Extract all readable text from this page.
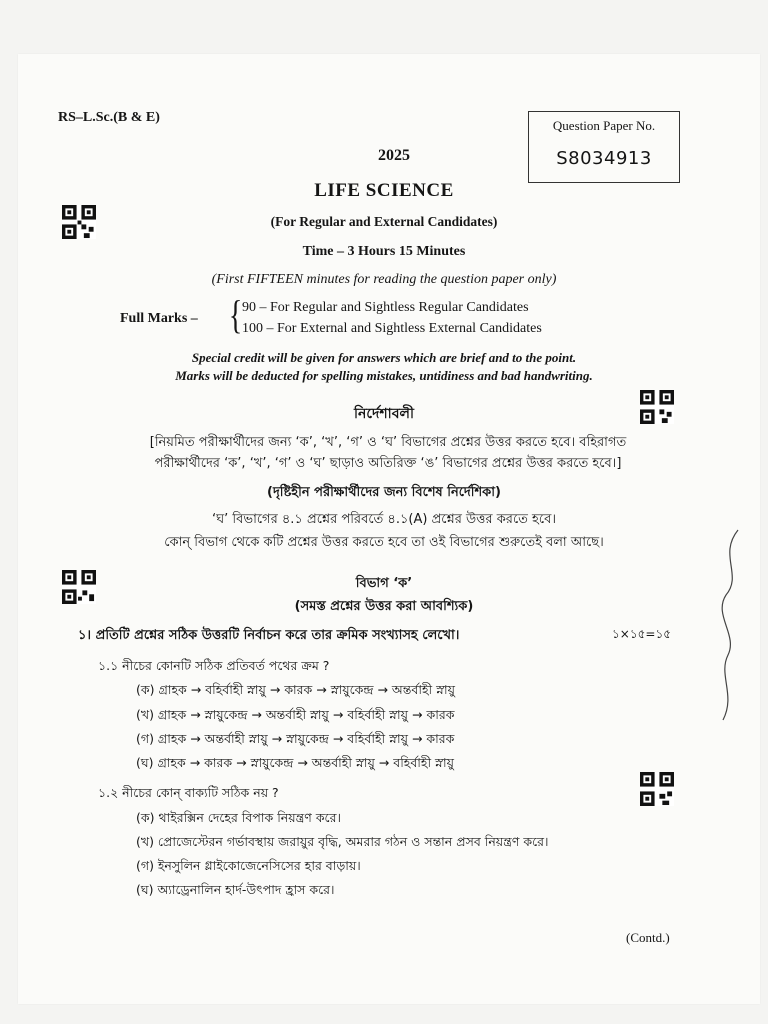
RS–L.Sc.(B & E)
Question Paper No.
S8034913
2025
LIFE SCIENCE
(For Regular and External Candidates)
Time – 3 Hours 15 Minutes
(First FIFTEEN minutes for reading the question paper only)
Full Marks – { 90 – For Regular and Sightless Regular Candidates
100 – For External and Sightless External Candidates
Special credit will be given for answers which are brief and to the point.
Marks will be deducted for spelling mistakes, untidiness and bad handwriting.
নির্দেশাবলী
[নিয়মিত পরীক্ষার্থীদের জন্য ‘ক’, ‘খ’, ‘গ’ ও ‘ঘ’ বিভাগের প্রশ্নের উত্তর করতে হবে। বহিরাগত
পরীক্ষার্থীদের ‘ক’, ‘খ’, ‘গ’ ও ‘ঘ’ ছাড়াও অতিরিক্ত ‘ঙ’ বিভাগের প্রশ্নের উত্তর করতে হবে।]
(দৃষ্টিহীন পরীক্ষার্থীদের জন্য বিশেষ নির্দেশিকা)
‘ঘ’ বিভাগের ৪.১ প্রশ্নের পরিবর্তে ৪.১(A) প্রশ্নের উত্তর করতে হবে।
কোন্ বিভাগ থেকে কটি প্রশ্নের উত্তর করতে হবে তা ওই বিভাগের শুরুতেই বলা আছে।
বিভাগ ‘ক’
(সমস্ত প্রশ্নের উত্তর করা আবশ্যিক)
১। প্রতিটি প্রশ্নের সঠিক উত্তরটি নির্বাচন করে তার ক্রমিক সংখ্যাসহ লেখো।	১×১৫=১৫
১.১ নীচের কোনটি সঠিক প্রতিবর্ত পথের ক্রম ?
(ক) গ্রাহক → বহির্বাহী স্নায়ু → কারক → স্নায়ুকেন্দ্র → অন্তর্বাহী স্নায়ু
(খ) গ্রাহক → স্নায়ুকেন্দ্র → অন্তর্বাহী স্নায়ু → বহির্বাহী স্নায়ু → কারক
(গ) গ্রাহক → অন্তর্বাহী স্নায়ু → স্নায়ুকেন্দ্র → বহির্বাহী স্নায়ু → কারক
(ঘ) গ্রাহক → কারক → স্নায়ুকেন্দ্র → অন্তর্বাহী স্নায়ু → বহির্বাহী স্নায়ু
১.২ নীচের কোন্ বাক্যটি সঠিক নয় ?
(ক) থাইরক্সিন দেহের বিপাক নিয়ন্ত্রণ করে।
(খ) প্রোজেস্টেরন গর্ভাবস্থায় জরায়ুর বৃদ্ধি, অমরার গঠন ও সন্তান প্রসব নিয়ন্ত্রণ করে।
(গ) ইনসুলিন গ্লাইকোজেনেসিসের হার বাড়ায়।
(ঘ) অ্যাড্রেনালিন হার্দ-উৎপাদ হ্রাস করে।
(Contd.)
